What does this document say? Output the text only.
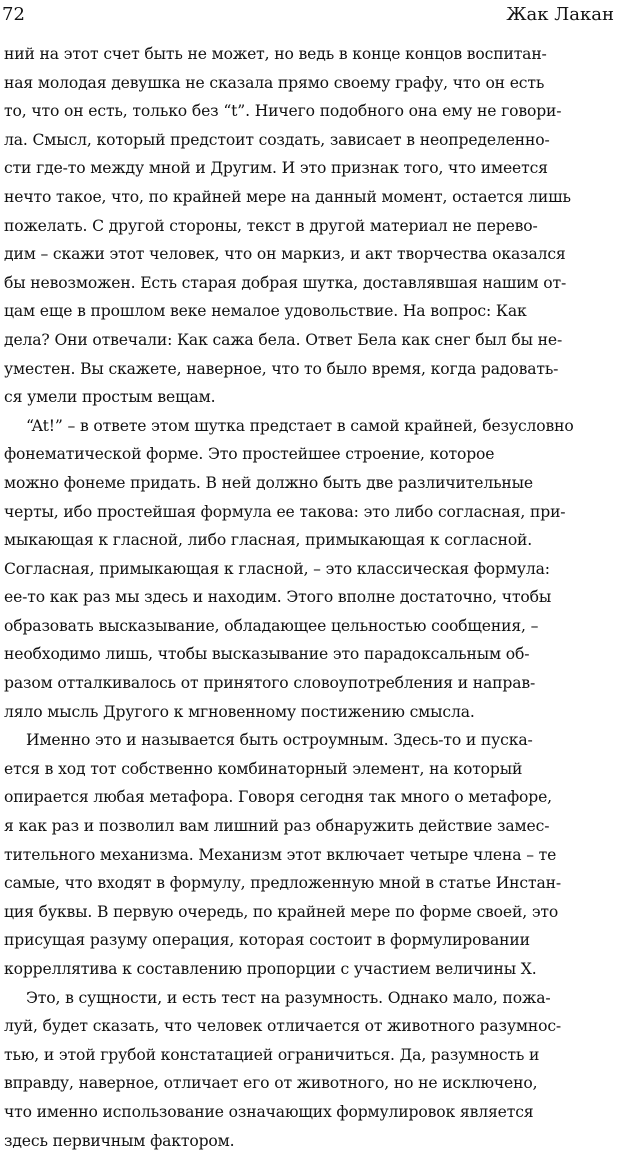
72	Жак Лакан
ний на этот счет быть не может, но ведь в конце концов воспитан-
ная молодая девушка не сказала прямо своему графу, что он есть
то, что он есть, только без “t”. Ничего подобного она ему не говори-
ла. Смысл, который предстоит создать, зависает в неопределенно-
сти где-то между мной и Другим. И это признак того, что имеется
нечто такое, что, по крайней мере на данный момент, остается лишь
пожелать. С другой стороны, текст в другой материал не перево-
дим – скажи этот человек, что он маркиз, и акт творчества оказался
бы невозможен. Есть старая добрая шутка, доставлявшая нашим от-
цам еще в прошлом веке немалое удовольствие. На вопрос: Как
дела? Они отвечали: Как сажа бела. Ответ Бела как снег был бы не-
уместен. Вы скажете, наверное, что то было время, когда радовать-
ся умели простым вещам.
“At!” – в ответе этом шутка предстает в самой крайней, безусловно
фонематической форме. Это простейшее строение, которое
можно фонеме придать. В ней должно быть две различительные
черты, ибо простейшая формула ее такова: это либо согласная, при-
мыкающая к гласной, либо гласная, примыкающая к согласной.
Согласная, примыкающая к гласной, – это классическая формула:
ее-то как раз мы здесь и находим. Этого вполне достаточно, чтобы
образовать высказывание, обладающее цельностью сообщения, –
необходимо лишь, чтобы высказывание это парадоксальным об-
разом отталкивалось от принятого словоупотребления и направ-
ляло мысль Другого к мгновенному постижению смысла.
Именно это и называется быть остроумным. Здесь-то и пуска-
ется в ход тот собственно комбинаторный элемент, на который
опирается любая метафора. Говоря сегодня так много о метафоре,
я как раз и позволил вам лишний раз обнаружить действие замес-
тительного механизма. Механизм этот включает четыре члена – те
самые, что входят в формулу, предложенную мной в статье Инстан-
ция буквы. В первую очередь, по крайней мере по форме своей, это
присущая разуму операция, которая состоит в формулировании
корреллятива к составлению пропорции с участием величины X.
Это, в сущности, и есть тест на разумность. Однако мало, пожа-
луй, будет сказать, что человек отличается от животного разумнос-
тью, и этой грубой констатацией ограничиться. Да, разумность и
вправду, наверное, отличает его от животного, но не исключено,
что именно использование означающих формулировок является
здесь первичным фактором.
